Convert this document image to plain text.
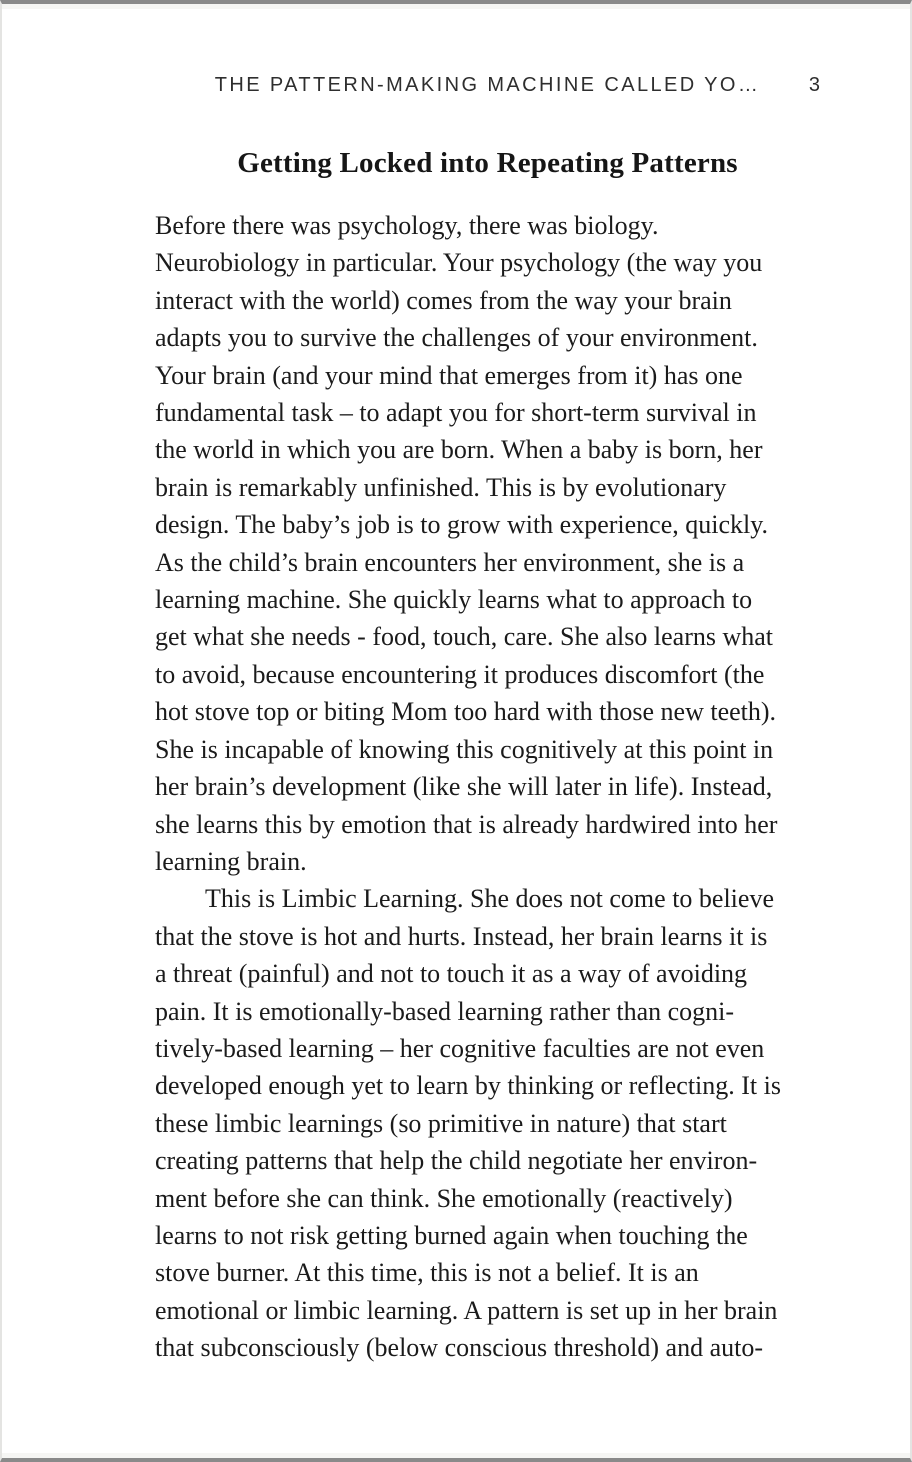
THE PATTERN-MAKING MACHINE CALLED YO…	3
Getting Locked into Repeating Patterns
Before there was psychology, there was biology.
Neurobiology in particular. Your psychology (the way you
interact with the world) comes from the way your brain
adapts you to survive the challenges of your environment.
Your brain (and your mind that emerges from it) has one
fundamental task – to adapt you for short-term survival in
the world in which you are born. When a baby is born, her
brain is remarkably unfinished. This is by evolutionary
design. The baby’s job is to grow with experience, quickly.
As the child’s brain encounters her environment, she is a
learning machine. She quickly learns what to approach to
get what she needs - food, touch, care. She also learns what
to avoid, because encountering it produces discomfort (the
hot stove top or biting Mom too hard with those new teeth).
She is incapable of knowing this cognitively at this point in
her brain’s development (like she will later in life). Instead,
she learns this by emotion that is already hardwired into her
learning brain.
This is Limbic Learning. She does not come to believe
that the stove is hot and hurts. Instead, her brain learns it is
a threat (painful) and not to touch it as a way of avoiding
pain. It is emotionally-based learning rather than cogni-
tively-based learning – her cognitive faculties are not even
developed enough yet to learn by thinking or reflecting. It is
these limbic learnings (so primitive in nature) that start
creating patterns that help the child negotiate her environ-
ment before she can think. She emotionally (reactively)
learns to not risk getting burned again when touching the
stove burner. At this time, this is not a belief. It is an
emotional or limbic learning. A pattern is set up in her brain
that subconsciously (below conscious threshold) and auto-
